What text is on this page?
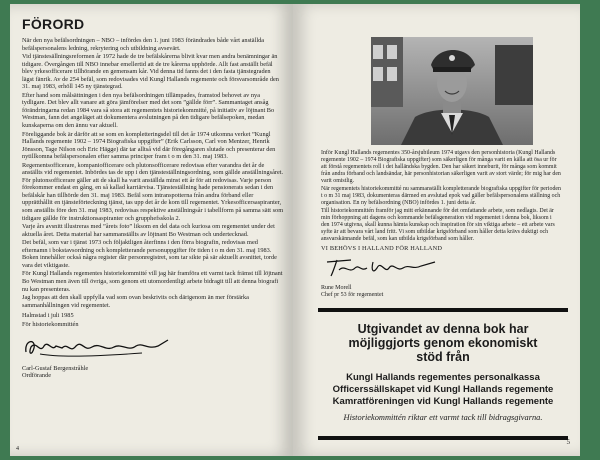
FÖRORD

När den nya befälsordningen – NBO – infördes den 1. juni 1983 förändrades både vårt anställda befälspersonalens ledning, rekrytering och utbildning avsevärt.

Vid tjänstesällningsreformen år 1972 hade de tre befälskårerna blivit kvar men andra benämningar än tidigare. Övergången till NBO innebar emellertid att de tre kårerna upphörde. Allt fast anställt befäl blev yrkesofficerare tillhörande en gemensam kår. Vid denna tid fanns det i den fasta tjänstegraden lägst fänrik. Av de 254 befäl, som redovisades vid Kungl Hallands regemente och försvarsområde den 31. maj 1983, erhöll 145 ny tjänstegrad.

Efter hand som målsättningen i den nya befälsordningen tillämpades, framstod behovet av nya tydligare. Det blev allt vanare att göra jämförelser med det som ”gällde förr”. Sammantaget ansåg förändringarna redan 1984 vara så stora att regementets historiekommitté, på initiativ av löjtnant Bo Westman, fann det angeläget att dokumentera avslutningen på den tidigare befälsepoken, medan kunskaperna om den ännu var aktuell.

Föreliggande bok är därför att se som en kompletteringsdel till det år 1974 utkomna verket ”Kungl Hallands regemente 1902 – 1974 Biografiska uppgifter” (Erik Carlsson, Carl von Mentzer, Henrik Jönsson, Tage Nilson och Eric Hägge) där tar alltså vid där föregångaren slutade och presenterar den nytillkomna befälspersonalen efter samma principer fram t o m den 31. maj 1983.

Regementsofficerare, kompaniofficerare och plutonsofficerare redovisas efter varandra det år de anställts vid regementet. Inbördes tas de upp i den tjänsteställningsordning, som gällde anställningsåret. För plutonsofficerare gäller att de skall ha varit anställda minst ett år för att redovisas. Varje person förekommer endast en gång, en så kallad karriärvisa. Tjänsteställning hade pensionerats sedan i den befälskår han tillhörde den 31. maj 1983. Befäl som intranspotterna från andra förband eller upprätthållit en tjänsteförteckning tjänst, tas upp det år de kom till regementet. Yrkesofficersaspiranter, som anställts före den 31. maj 1983, redovisas respektive anställningsår i tabellform på samma sätt som tidigare gällde för instruktionsaspiranter och grupphefsskola 2.

Varje års avsnitt illustreras med ”årets foto” liksom en del data och kuriosa om regementet under det aktuella året. Detta material har sammanställts av löjtnant Bo Westman och undertecknad.

Det befäl, som var i tjänst 1973 och följaktligen återfinns i den förra biografin, redovisas med efternamn i bokstavsordning och kompletterande personuppgifter för tiden t o m den 31. maj 1983. Boken innehåller också några register där personregistret, som tar sikte på sär aktuellt avsnittet, torde vara det viktigaste.

För Kungl Hallands regementes historiekommitté vill jag här framföra ett varmt tack främst till löjtnant Bo Westman men även till övriga, som genom ett utomordentligt arbete bidragit till att denna biografi nu kan presenteras.

Jag hoppas att den skall uppfylla vad som ovan beskrivits och därigenom än mer förstärka sammanhållningen vid regementet.

Halmstad i juli 1985
För historiekommittén
Carl-Gustaf Bergenstråhle
Ordförande
4

Inför Kungl Hallands regementes 350-årsjubileum 1974 utgavs den personhistoria (Kungl Hallands regemente 1902 – 1974 Biografiska uppgifter) som säkerligen för många varit en källa att ösa ur för att förstå regementets roll i det halländska bygden. Den har säkert inneburit, för många som kommit från andra förband och landsändar, här personhistorian säkerligen varit av stort värde; för mig har den varit omistlig.

När regementets historiekommitté nu sammanställt kompletterande biografiska uppgifter för perioden t o m 31 maj 1983, dokumenteras därmed en avslutad epok vad gäller befälspersonalens ställning och organisation. En ny befälsordning (NBO) infördes 1. juni detta år.

Till historiekommittén framför jag mitt erkännande för det omfattande arbete, som nedlagts. Det är min förhoppning att dagens och kommande befälsgeneration vid regementet i denna bok, liksom i den 1974 utgivna, skall kunna hämta kunskap och inspiration för sin viktiga arbete – ett arbete vars syfte är att bevara vårt land fritt. Vi som utbildar krigsförband som håller detta krävs duktigt och ansvarskännande befäl, som kan utbilda krigsförband som håller.

VI BEHÖVS I HALLAND FÖR HALLAND
Rune Morell
Chef pr 53 för regementet
Utgivandet av denna bok har möjliggjorts genom ekonomiskt stöd från
Kungl Hallands regementes personalkassa
Officerssällskapet vid Kungl Hallands regemente
Kamratföreningen vid Kungl Hallands regemente
Historiekommittén riktar ett varmt tack till bidragsgivarna.
5
